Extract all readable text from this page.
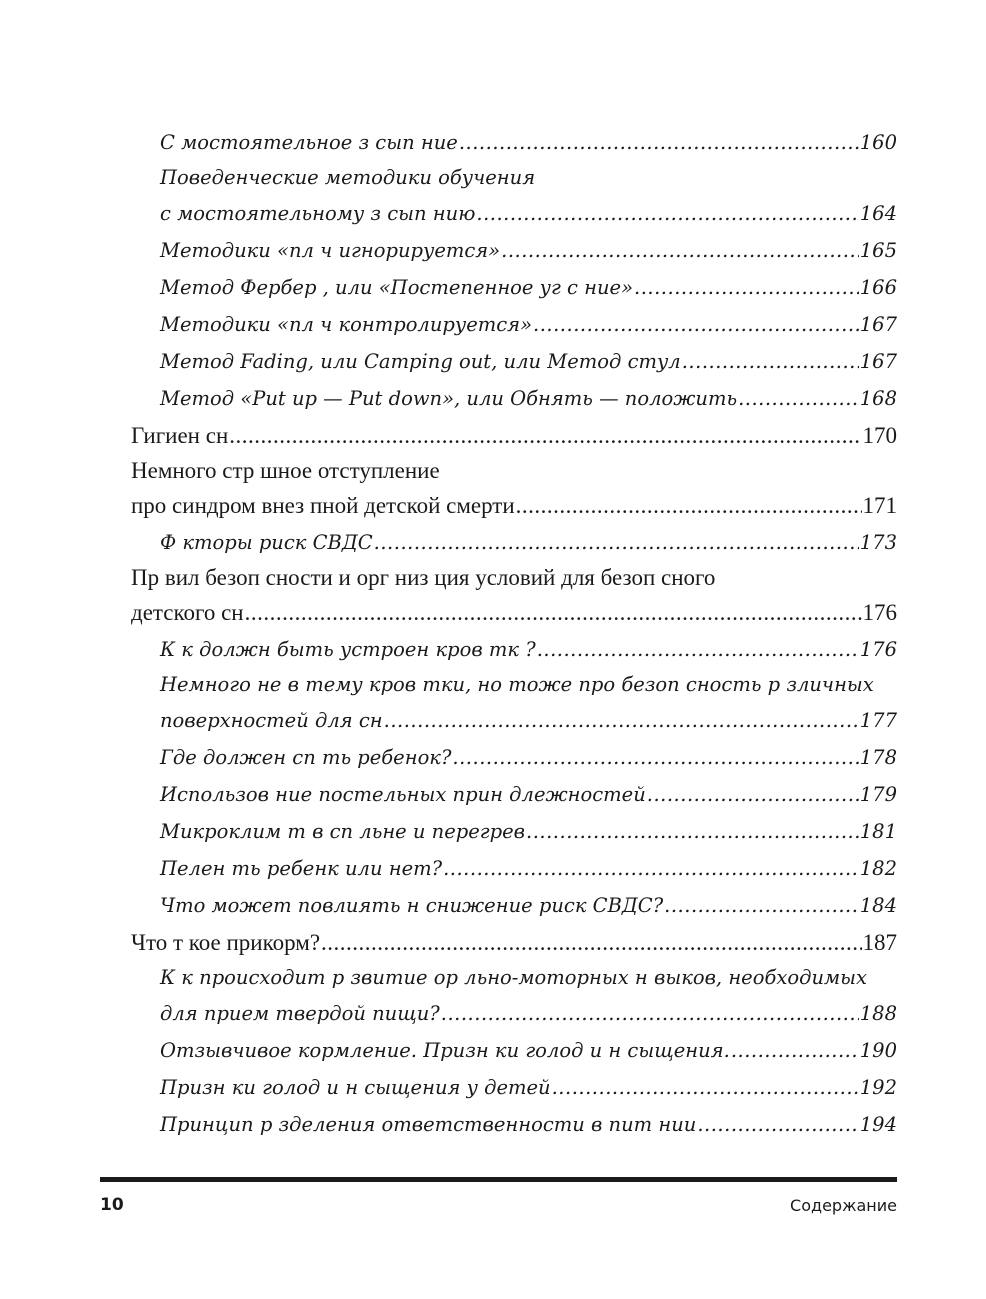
С мостоятельное з сып ние .....	160
Поведенческие методики обучения
с мостоятельному з сып нию .....	164
Методики «пл ч игнорируется» .....	165
Метод Фербер , или «Постепенное уг с ние» .....	166
Методики «пл ч контролируется» .....	167
Метод Fading, или Camping out, или Метод стул .....	167
Метод «Put up — Put down», или Обнять — положить .....	168
Гигиен сн .....	170
Немного стр шное отступление
про синдром внез пной детской смерти .....	171
Ф кторы риск СВДС .....	173
Пр вил безоп сности и орг низ ция условий для безоп сного
детского сн .....	176
К к должн быть устроен кров тк ? .....	176
Немного не в тему кров тки, но тоже про безоп сность р зличных
поверхностей для сн .....	177
Где должен сп ть ребенок? .....	178
Использов ние постельных прин длежностей .....	179
Микроклим т в сп льне и перегрев .....	181
Пелен ть ребенк или нет? .....	182
Что может повлиять н снижение риск СВДС? .....	184
Что т кое прикорм? .....	187
К к происходит р звитие ор льно-моторных н выков, необходимых
для прием твердой пищи? .....	188
Отзывчивое кормление. Призн ки голод и н сыщения. .....	190
Призн ки голод и н сыщения у детей .....	192
Принцип р зделения ответственности в пит нии .....	194
10	Содержание
